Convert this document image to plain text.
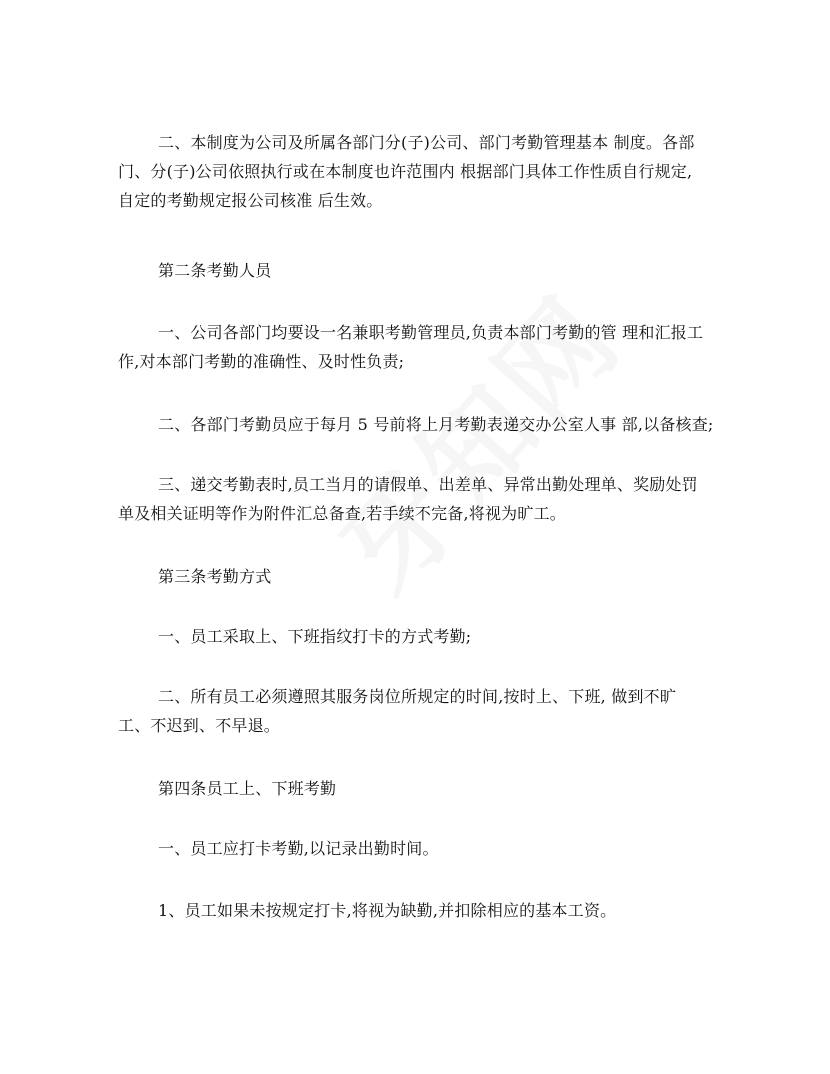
二、本制度为公司及所属各部门分(子)公司、部门考勤管理基本 制度。各部
门、分(子)公司依照执行或在本制度也许范围内 根据部门具体工作性质自行规定,
自定的考勤规定报公司核准 后生效。
第二条考勤人员
一、公司各部门均要设一名兼职考勤管理员,负责本部门考勤的管 理和汇报工
作,对本部门考勤的准确性、及时性负责;
二、各部门考勤员应于每月 5 号前将上月考勤表递交办公室人事 部,以备核查;
三、递交考勤表时,员工当月的请假单、出差单、异常出勤处理单、奖励处罚
单及相关证明等作为附件汇总备查,若手续不完备,将视为旷工。
第三条考勤方式
一、员工采取上、下班指纹打卡的方式考勤;
二、所有员工必须遵照其服务岗位所规定的时间,按时上、下班, 做到不旷
工、不迟到、不早退。
第四条员工上、下班考勤
一、员工应打卡考勤,以记录出勤时间。
1、员工如果未按规定打卡,将视为缺勤,并扣除相应的基本工资。
